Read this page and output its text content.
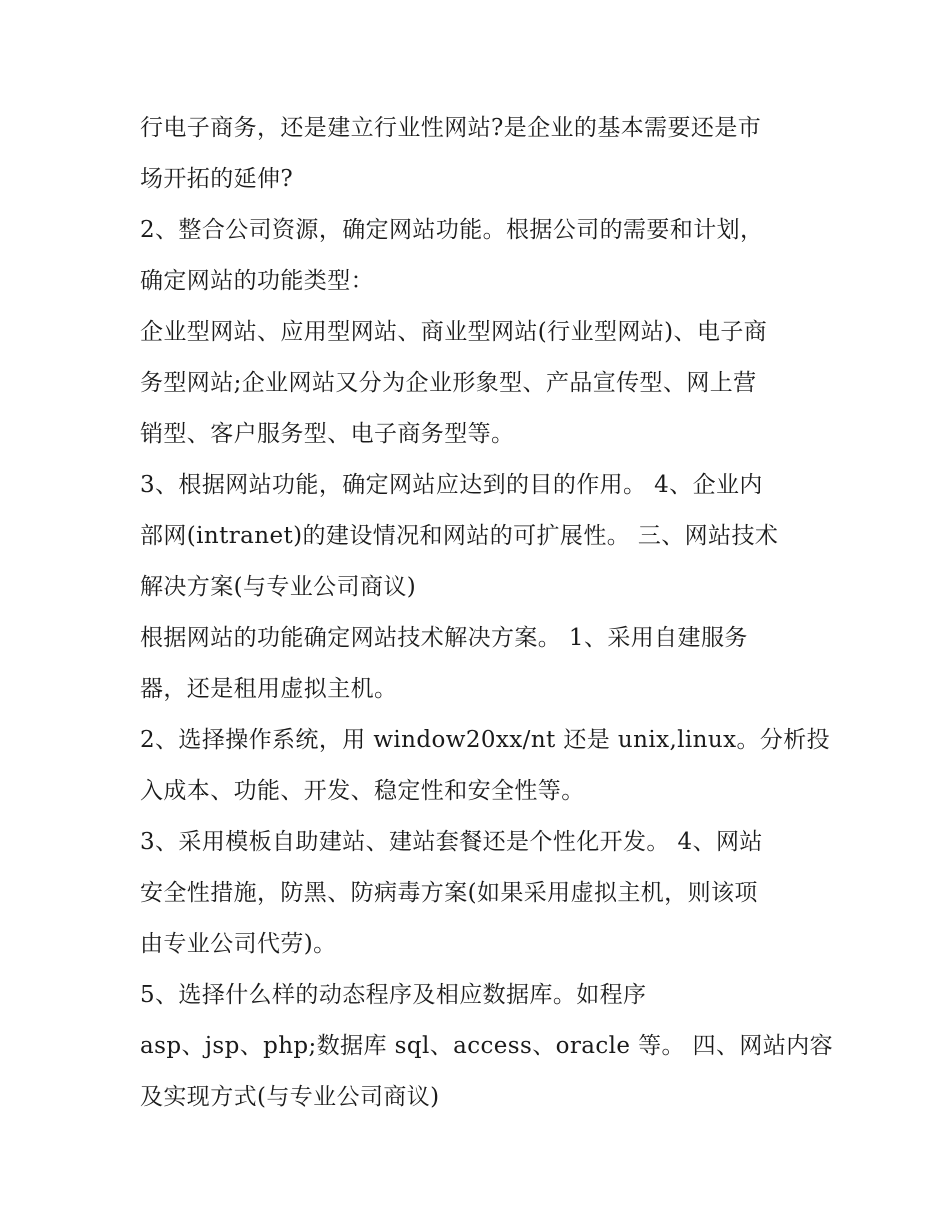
行电子商务，还是建立行业性网站?是企业的基本需要还是市
场开拓的延伸?
2、整合公司资源，确定网站功能。根据公司的需要和计划，
确定网站的功能类型：
企业型网站、应用型网站、商业型网站(行业型网站)、电子商
务型网站;企业网站又分为企业形象型、产品宣传型、网上营
销型、客户服务型、电子商务型等。
3、根据网站功能，确定网站应达到的目的作用。 4、企业内
部网(intranet)的建设情况和网站的可扩展性。 三、网站技术
解决方案(与专业公司商议)
根据网站的功能确定网站技术解决方案。 1、采用自建服务
器，还是租用虚拟主机。
2、选择操作系统，用 window20xx/nt 还是 unix,linux。分析投
入成本、功能、开发、稳定性和安全性等。
3、采用模板自助建站、建站套餐还是个性化开发。 4、网站
安全性措施，防黑、防病毒方案(如果采用虚拟主机，则该项
由专业公司代劳)。
5、选择什么样的动态程序及相应数据库。如程序
asp、jsp、php;数据库 sql、access、oracle 等。 四、网站内容
及实现方式(与专业公司商议)
